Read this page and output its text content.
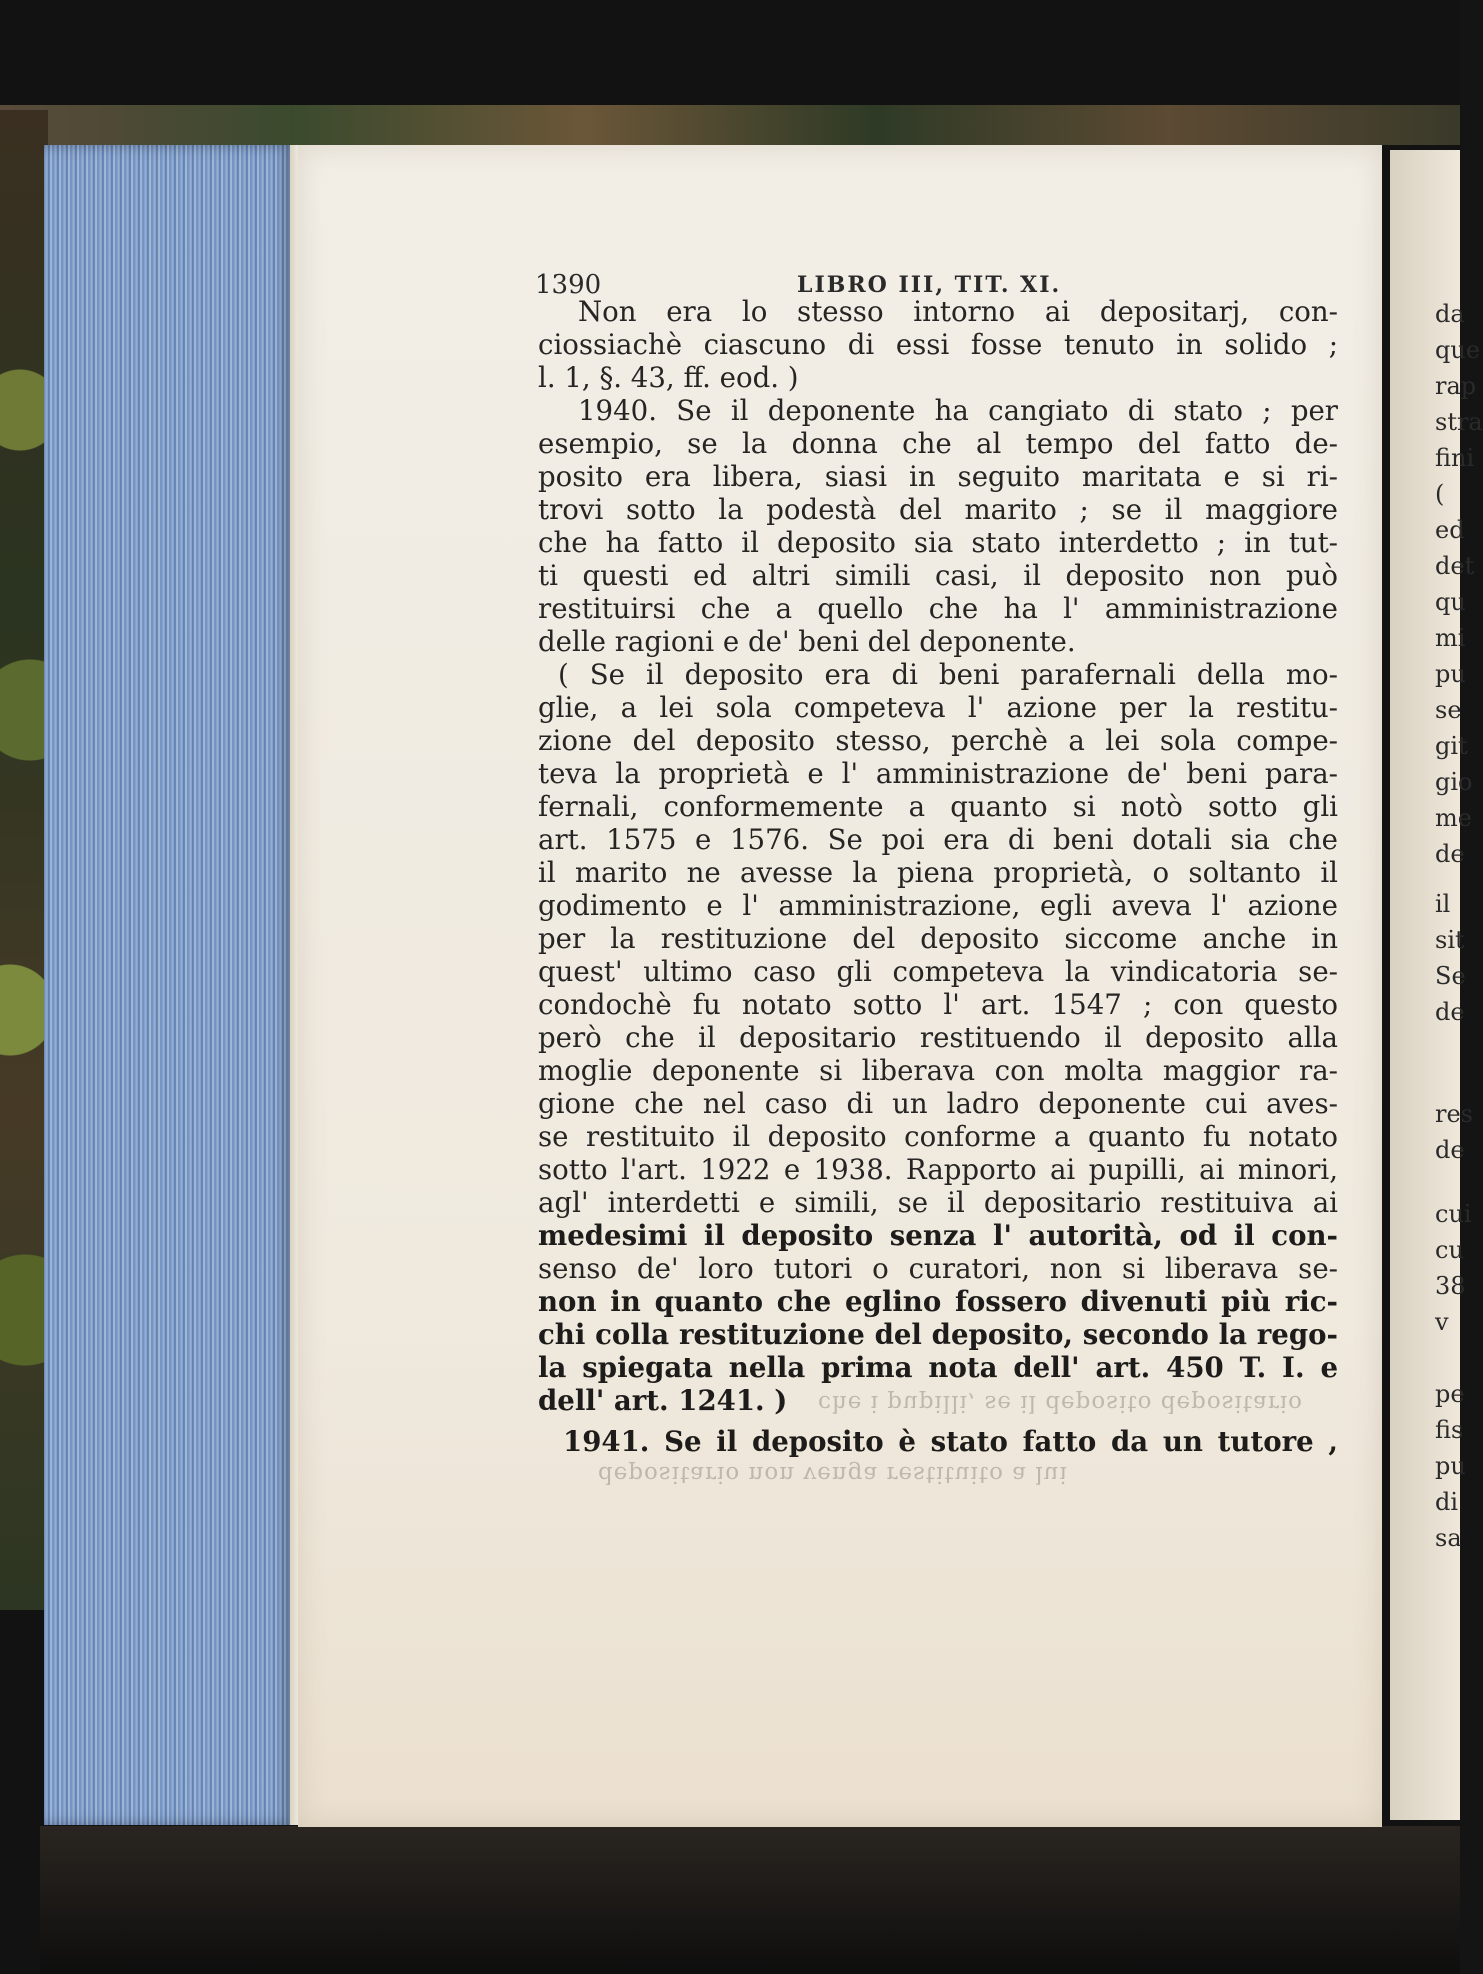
1390	LIBRO III, TIT. XI.
Non era lo stesso intorno ai depositarj, con-
ciossiachè ciascuno di essi fosse tenuto in solido ;
l. 1, §. 43, ff. eod. )
1940. Se il deponente ha cangiato di stato ; per
esempio, se la donna che al tempo del fatto de-
posito era libera, siasi in seguito maritata e si ri-
trovi sotto la podestà del marito ; se il maggiore
che ha fatto il deposito sia stato interdetto ; in tut-
ti questi ed altri simili casi, il deposito non può
restituirsi che a quello che ha l' amministrazione
delle ragioni e de' beni del deponente.
( Se il deposito era di beni parafernali della mo-
glie, a lei sola competeva l' azione per la restitu-
zione del deposito stesso, perchè a lei sola compe-
teva la proprietà e l' amministrazione de' beni para-
fernali, conformemente a quanto si notò sotto gli
art. 1575 e 1576. Se poi era di beni dotali sia che
il marito ne avesse la piena proprietà, o soltanto il
godimento e l' amministrazione, egli aveva l' azione
per la restituzione del deposito siccome anche in
quest' ultimo caso gli competeva la vindicatoria se-
condochè fu notato sotto l' art. 1547 ; con questo
però che il depositario restituendo il deposito alla
moglie deponente si liberava con molta maggior ra-
gione che nel caso di un ladro deponente cui aves-
se restituito il deposito conforme a quanto fu notato
sotto l'art. 1922 e 1938. Rapporto ai pupilli, ai minori,
agl' interdetti e simili, se il depositario restituiva ai
medesimi il deposito senza l' autorità, od il con-
senso de' loro tutori o curatori, non si liberava se-
non in quanto che eglino fossero divenuti più ric-
chi colla restituzione del deposito, secondo la rego-
la spiegata nella prima nota dell' art. 450 T. I. e
dell' art. 1241. )	che i pupilli, se il deposito depositario
1941. Se il deposito è stato fatto da un tutore ,
depositario non venga restituito a lui
da
que
rap
stra
fini
(
ed
det
qu
mi
pu
se
git
gio
me
de
il
sit
Se
de
res
de
cui
cu
38
v
pe
fis
pu
di
sa
